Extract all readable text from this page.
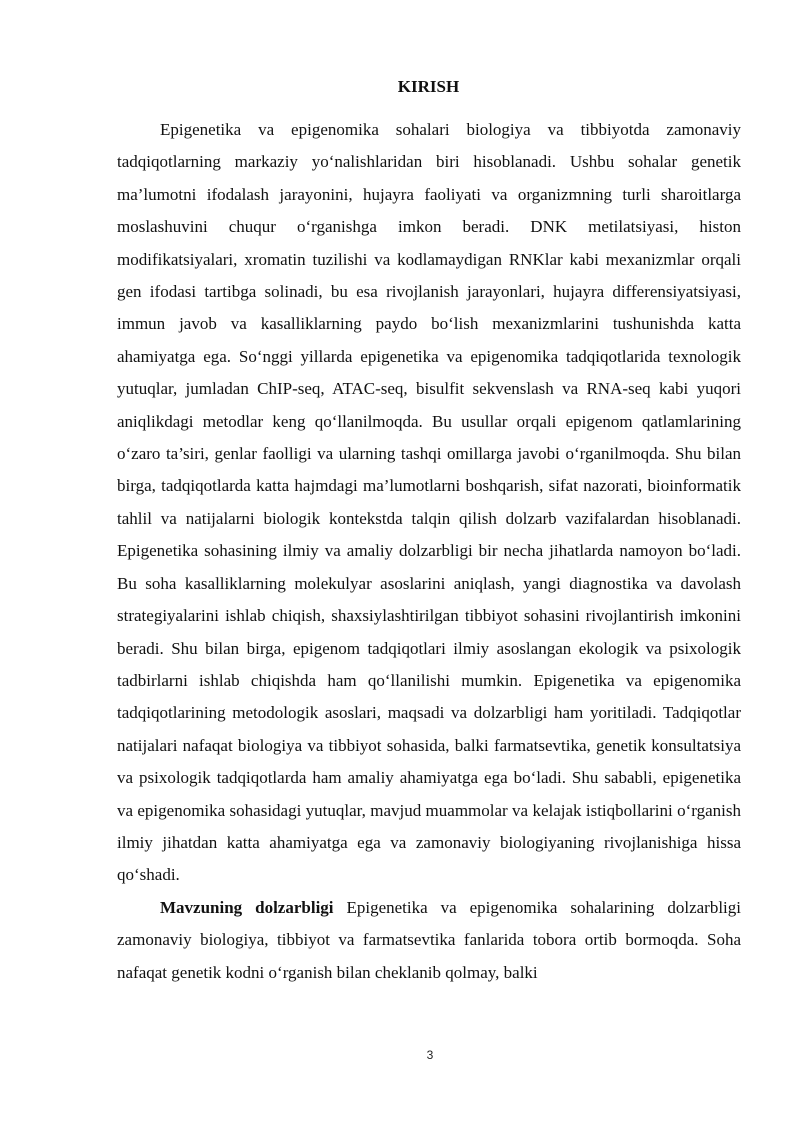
KIRISH

Epigenetika va epigenomika sohalari biologiya va tibbiyotda zamonaviy tadqiqotlarning markaziy yo‘nalishlaridan biri hisoblanadi. Ushbu sohalar genetik ma’lumotni ifodalash jarayonini, hujayra faoliyati va organizmning turli sharoitlarga moslashuvini chuqur o‘rganishga imkon beradi. DNK metilatsiyasi, histon modifikatsiyalari, xromatin tuzilishi va kodlamaydigan RNKlar kabi mexanizmlar orqali gen ifodasi tartibga solinadi, bu esa rivojlanish jarayonlari, hujayra differensiyatsiyasi, immun javob va kasalliklarning paydo bo‘lish mexanizmlarini tushunishda katta ahamiyatga ega. So‘nggi yillarda epigenetika va epigenomika tadqiqotlarida texnologik yutuqlar, jumladan ChIP-seq, ATAC-seq, bisulfit sekvenslash va RNA-seq kabi yuqori aniqlikdagi metodlar keng qo‘llanilmoqda. Bu usullar orqali epigenom qatlamlarining o‘zaro ta’siri, genlar faolligi va ularning tashqi omillarga javobi o‘rganilmoqda. Shu bilan birga, tadqiqotlarda katta hajmdagi ma’lumotlarni boshqarish, sifat nazorati, bioinformatik tahlil va natijalarni biologik kontekstda talqin qilish dolzarb vazifalardan hisoblanadi. Epigenetika sohasining ilmiy va amaliy dolzarbligi bir necha jihatlarda namoyon bo‘ladi. Bu soha kasalliklarning molekulyar asoslarini aniqlash, yangi diagnostika va davolash strategiyalarini ishlab chiqish, shaxsiylashtirilgan tibbiyot sohasini rivojlantirish imkonini beradi. Shu bilan birga, epigenom tadqiqotlari ilmiy asoslangan ekologik va psixologik tadbirlarni ishlab chiqishda ham qo‘llanilishi mumkin. Epigenetika va epigenomika tadqiqotlarining metodologik asoslari, maqsadi va dolzarbligi ham yoritiladi. Tadqiqotlar natijalari nafaqat biologiya va tibbiyot sohasida, balki farmatsevtika, genetik konsultatsiya va psixologik tadqiqotlarda ham amaliy ahamiyatga ega bo‘ladi. Shu sababli, epigenetika va epigenomika sohasidagi yutuqlar, mavjud muammolar va kelajak istiqbollarini o‘rganish ilmiy jihatdan katta ahamiyatga ega va zamonaviy biologiyaning rivojlanishiga hissa qo‘shadi.

Mavzuning dolzarbligi Epigenetika va epigenomika sohalarining dolzarbligi zamonaviy biologiya, tibbiyot va farmatsevtika fanlarida tobora ortib bormoqda. Soha nafaqat genetik kodni o‘rganish bilan cheklanib qolmay, balki

3
